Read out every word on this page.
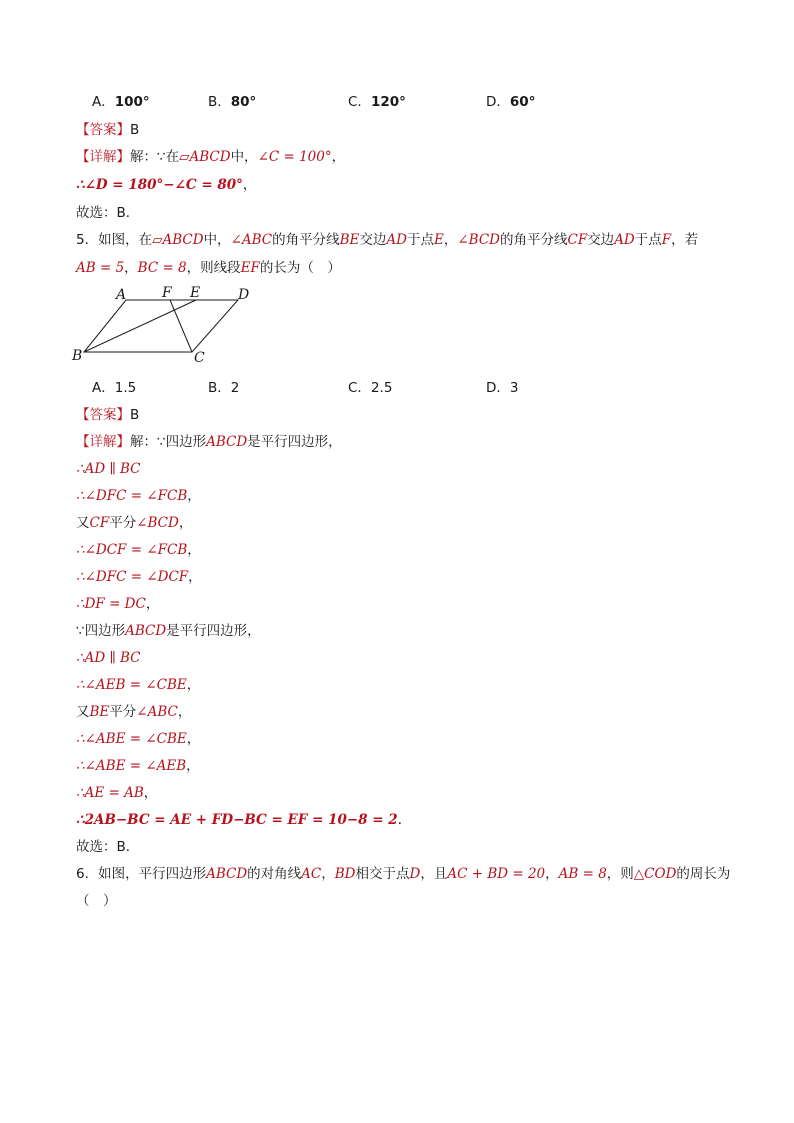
A．100°	B．80°	C．120°	D．60°
【答案】B
【详解】解：∵在▱ABCD中，∠C = 100°，
∴∠D = 180°−∠C = 80°，
故选：B．
5．如图，在▱ABCD中，∠ABC的角平分线BE交边AD于点E，∠BCD的角平分线CF交边AD于点F，若
AB = 5，BC = 8，则线段EF的长为（　）
A	F E	D
B	C
A．1.5	B．2	C．2.5	D．3
【答案】B
【详解】解：∵四边形ABCD是平行四边形，
∴AD ∥ BC
∴∠DFC = ∠FCB，
又CF平分∠BCD，
∴∠DCF = ∠FCB，
∴∠DFC = ∠DCF，
∴DF = DC，
∵四边形ABCD是平行四边形，
∴AD ∥ BC
∴∠AEB = ∠CBE，
又BE平分∠ABC，
∴∠ABE = ∠CBE，
∴∠ABE = ∠AEB，
∴AE = AB，
∴2AB−BC = AE + FD−BC = EF = 10−8 = 2．
故选：B．
6．如图，平行四边形ABCD的对角线AC，BD相交于点D，且AC + BD = 20，AB = 8，则△COD的周长为
（　）
